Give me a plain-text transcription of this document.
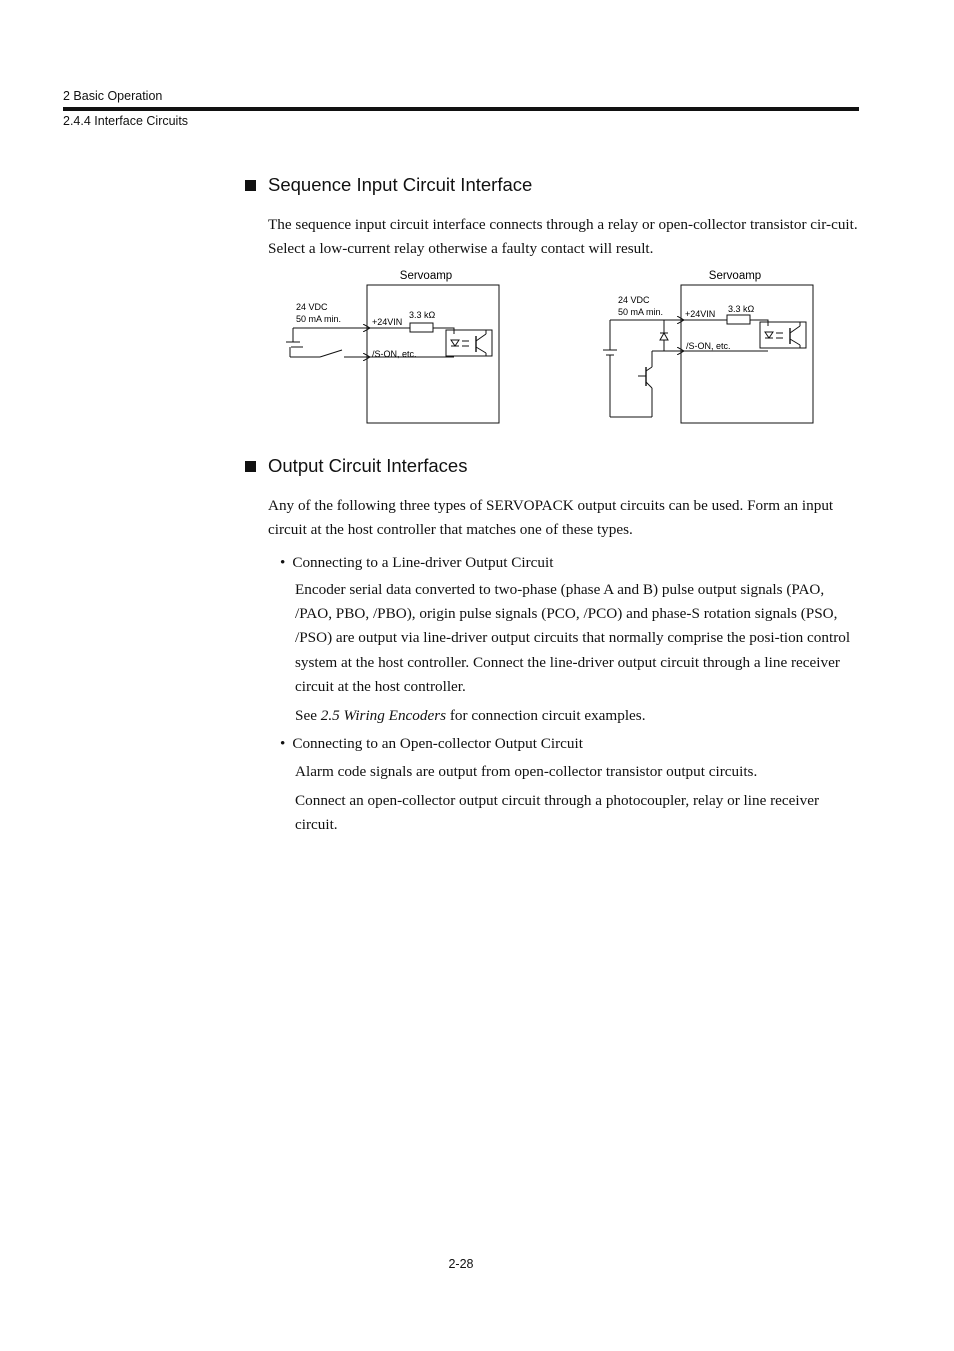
2 Basic Operation
2.4.4 Interface Circuits
Sequence Input Circuit Interface
The sequence input circuit interface connects through a relay or open-collector transistor cir-cuit. Select a low-current relay otherwise a faulty contact will result.
Servoamp
24 VDC
50 mA min.	+24VIN
3.3 kΩ
/S-ON, etc.
Servoamp
24 VDC
50 mA min. +24VIN 3.3 kΩ
/S-ON, etc.
Output Circuit Interfaces
Any of the following three types of SERVOPACK output circuits can be used. Form an input circuit at the host controller that matches one of these types.
• Connecting to a Line-driver Output Circuit
Encoder serial data converted to two-phase (phase A and B) pulse output signals (PAO, /PAO, PBO, /PBO), origin pulse signals (PCO, /PCO) and phase-S rotation signals (PSO, /PSO) are output via line-driver output circuits that normally comprise the posi-tion control system at the host controller. Connect the line-driver output circuit through a line receiver circuit at the host controller.
See 2.5 Wiring Encoders for connection circuit examples.
• Connecting to an Open-collector Output Circuit
Alarm code signals are output from open-collector transistor output circuits.
Connect an open-collector output circuit through a photocoupler, relay or line receiver circuit.
2-28
